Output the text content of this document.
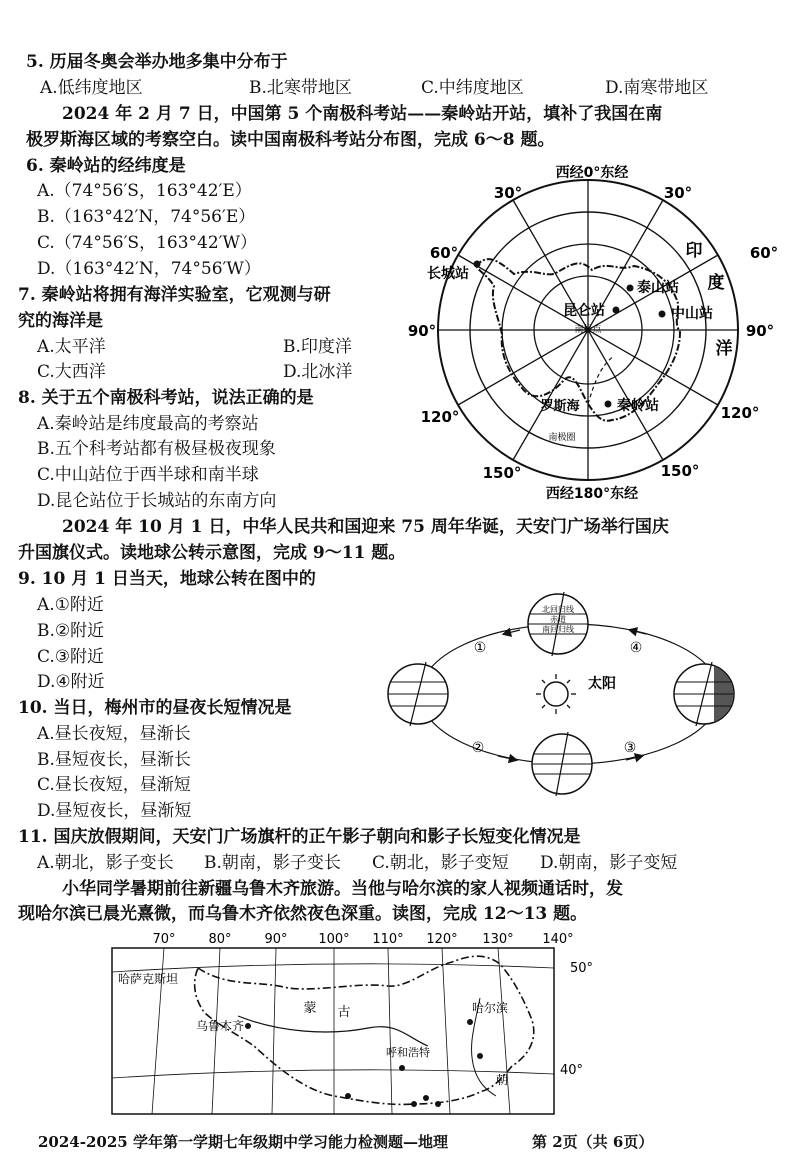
5. 历届冬奥会举办地多集中分布于
A.低纬度地区	B.北寒带地区	C.中纬度地区	D.南寒带地区
2024 年 2 月 7 日，中国第 5 个南极科考站——秦岭站开站，填补了我国在南
极罗斯海区域的考察空白。读中国南极科考站分布图，完成 6～8 题。
6. 秦岭站的经纬度是
A.（74°56′S，163°42′E）
B.（163°42′N，74°56′E）
C.（74°56′S，163°42′W）
D.（163°42′N，74°56′W）
7. 秦岭站将拥有海洋实验室，它观测与研
究的海洋是
A.太平洋	B.印度洋
C.大西洋	D.北冰洋
8. 关于五个南极科考站，说法正确的是
A.秦岭站是纬度最高的考察站
B.五个科考站都有极昼极夜现象
C.中山站位于西半球和南半球
D.昆仑站位于长城站的东南方向
西经0°东经
30°	30°
60°	60°
90°	90°
120°	120°
150°	150°
印
度
洋
长城站
昆仑站
泰山站
中山站
秦岭站
南极点
罗斯海
南极圈
西经180°东经
2024 年 10 月 1 日，中华人民共和国迎来 75 周年华诞，天安门广场举行国庆
升国旗仪式。读地球公转示意图，完成 9～11 题。
9. 10 月 1 日当天，地球公转在图中的
A.①附近
B.②附近
C.③附近
D.④附近
10. 当日，梅州市的昼夜长短情况是
A.昼长夜短，昼渐长
B.昼短夜长，昼渐长
C.昼长夜短，昼渐短
D.昼短夜长，昼渐短
太阳
北回归线
赤道
南回归线
①
②	③
④
11. 国庆放假期间，天安门广场旗杆的正午影子朝向和影子长短变化情况是
A.朝北，影子变长 B.朝南，影子变长 C.朝北，影子变短 D.朝南，影子变短
小华同学暑期前往新疆乌鲁木齐旅游。当他与哈尔滨的家人视频通话时，发
现哈尔滨已晨光熹微，而乌鲁木齐依然夜色深重。读图，完成 12～13 题。
70°	80°	90° 100° 110° 120° 130° 140°
50°
40°
哈萨克斯坦
乌鲁木齐
蒙 古	哈尔滨
呼和浩特
朝
2024-2025 学年第一学期七年级期中学习能力检测题—地理	第 2页（共 6页）
